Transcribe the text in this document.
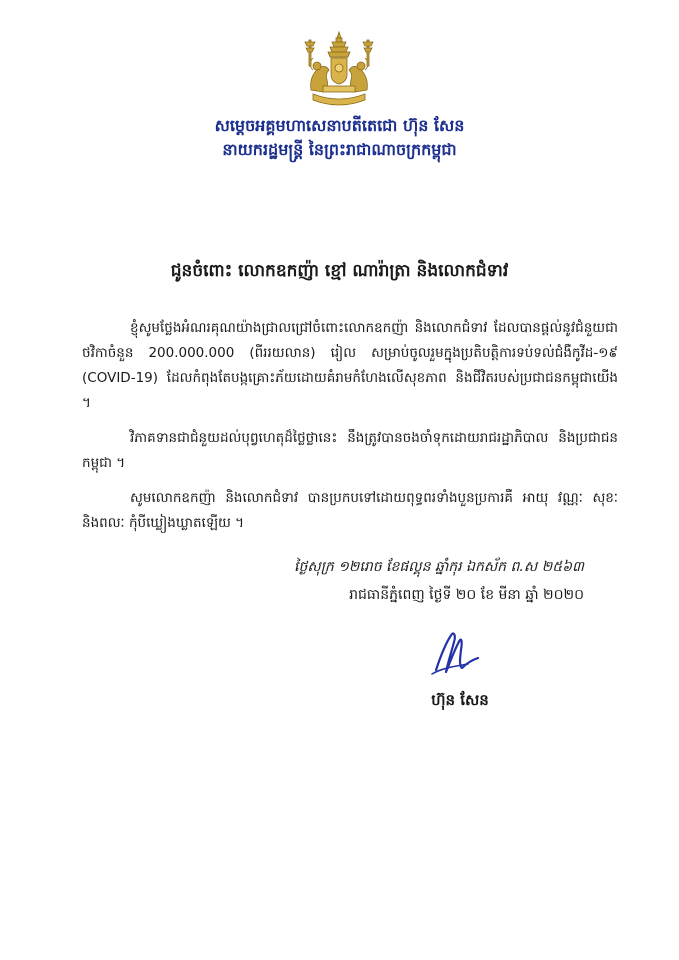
សម្ដេចអគ្គមហាសេនាបតីតេជោ ហ៊ុន សែន
នាយករដ្ឋមន្ត្រី នៃព្រះរាជាណាចក្រកម្ពុជា
ជូនចំពោះ លោកឧកញ៉ា ខ្មៅ ណារ៉ាត្រា និងលោកជំទាវ
ខ្ញុំសូមថ្លែងអំណរគុណយ៉ាងជ្រាលជ្រៅចំពោះលោកឧកញ៉ា និងលោកជំទាវ ដែលបានផ្ដល់នូវជំនួយជាថវិកាចំនួន 200.000.000 (ពីររយលាន) រៀល សម្រាប់ចូលរួមក្នុងប្រតិបត្តិការទប់ទល់ជំងឺកូវីដ-១៩ (COVID-19) ដែលកំពុងតែបង្កគ្រោះភ័យដោយគំរាមកំហែងលើសុខភាព និងជីវិតរបស់ប្រជាជនកម្ពុជាយើង ។
វិភាគទានជាជំនួយដល់បុព្វហេតុដ៏ថ្លៃថ្លានេះ នឹងត្រូវបានចងចាំទុកដោយរាជរដ្ឋាភិបាល និងប្រជាជនកម្ពុជា ។
សូមលោកឧកញ៉ា និងលោកជំទាវ បានប្រកបទៅដោយពុទ្ធពរទាំងបួនប្រការគឺ អាយុ វណ្ណៈ សុខៈ និងពលៈ កុំបីឃ្លៀងឃ្លាតឡើយ ។
ថ្ងៃសុក្រ ១២រោច ខែផល្គុន ឆ្នាំកុរ ឯកស័ក ព.ស ២៥៦៣
រាជធានីភ្នំពេញ ថ្ងៃទី ២០ ខែ មីនា ឆ្នាំ ២០២០
ហ៊ុន សែន
